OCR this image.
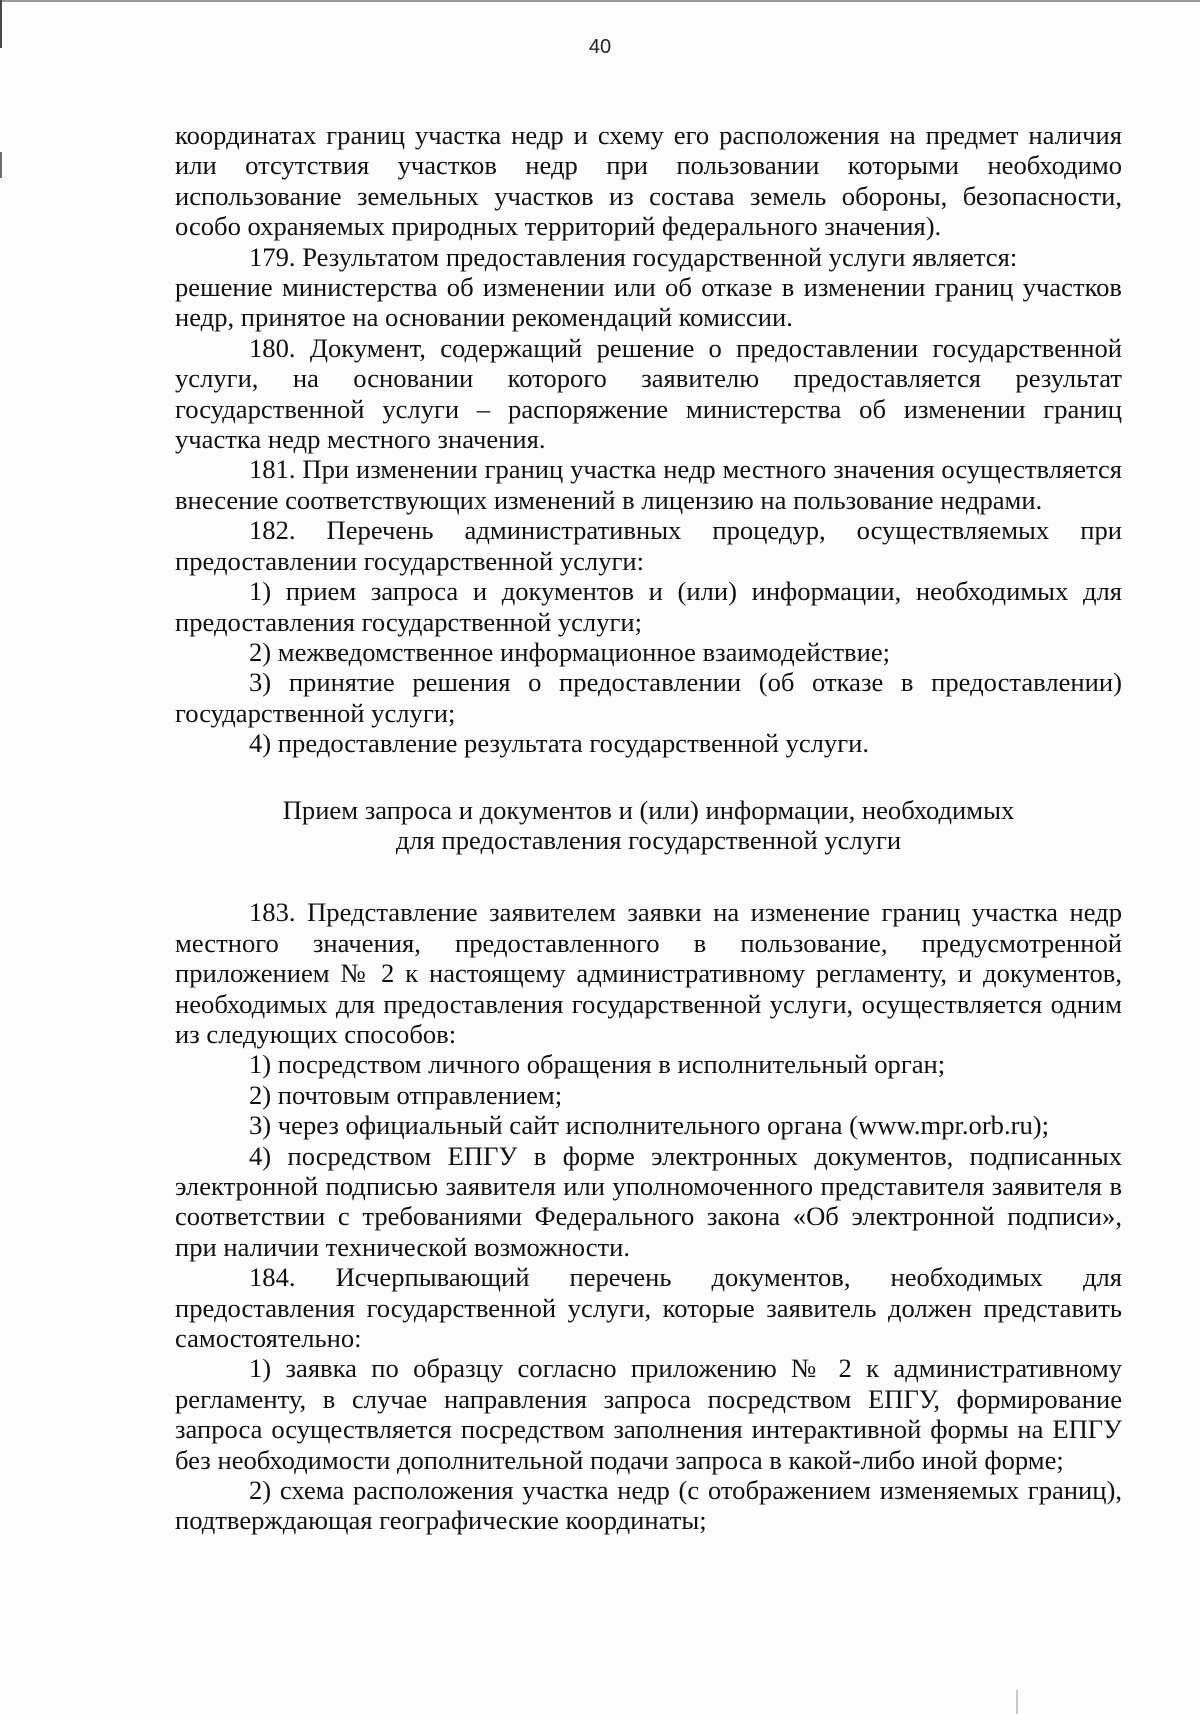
40

координатах границ участка недр и схему его расположения на предмет наличия или отсутствия участков недр при пользовании которыми необходимо использование земельных участков из состава земель обороны, безопасности, особо охраняемых природных территорий федерального значения).

179. Результатом предоставления государственной услуги является:

решение министерства об изменении или об отказе в изменении границ участков недр, принятое на основании рекомендаций комиссии.

180. Документ, содержащий решение о предоставлении государственной услуги, на основании которого заявителю предоставляется результат государственной услуги – распоряжение министерства об изменении границ участка недр местного значения.

181. При изменении границ участка недр местного значения осуществляется внесение соответствующих изменений в лицензию на пользование недрами.

182. Перечень административных процедур, осуществляемых при предоставлении государственной услуги:

1) прием запроса и документов и (или) информации, необходимых для предоставления государственной услуги;

2) межведомственное информационное взаимодействие;

3) принятие решения о предоставлении (об отказе в предоставлении) государственной услуги;

4) предоставление результата государственной услуги.

Прием запроса и документов и (или) информации, необходимых
для предоставления государственной услуги

183. Представление заявителем заявки на изменение границ участка недр местного значения, предоставленного в пользование, предусмотренной приложением № 2 к настоящему административному регламенту, и документов, необходимых для предоставления государственной услуги, осуществляется одним из следующих способов:

1) посредством личного обращения в исполнительный орган;

2) почтовым отправлением;

3) через официальный сайт исполнительного органа (www.mpr.orb.ru);

4) посредством ЕПГУ в форме электронных документов, подписанных электронной подписью заявителя или уполномоченного представителя заявителя в соответствии с требованиями Федерального закона «Об электронной подписи», при наличии технической возможности.

184. Исчерпывающий перечень документов, необходимых для предоставления государственной услуги, которые заявитель должен представить самостоятельно:

1) заявка по образцу согласно приложению № 2 к административному регламенту, в случае направления запроса посредством ЕПГУ, формирование запроса осуществляется посредством заполнения интерактивной формы на ЕПГУ без необходимости дополнительной подачи запроса в какой-либо иной форме;

2) схема расположения участка недр (с отображением изменяемых границ), подтверждающая географические координаты;
